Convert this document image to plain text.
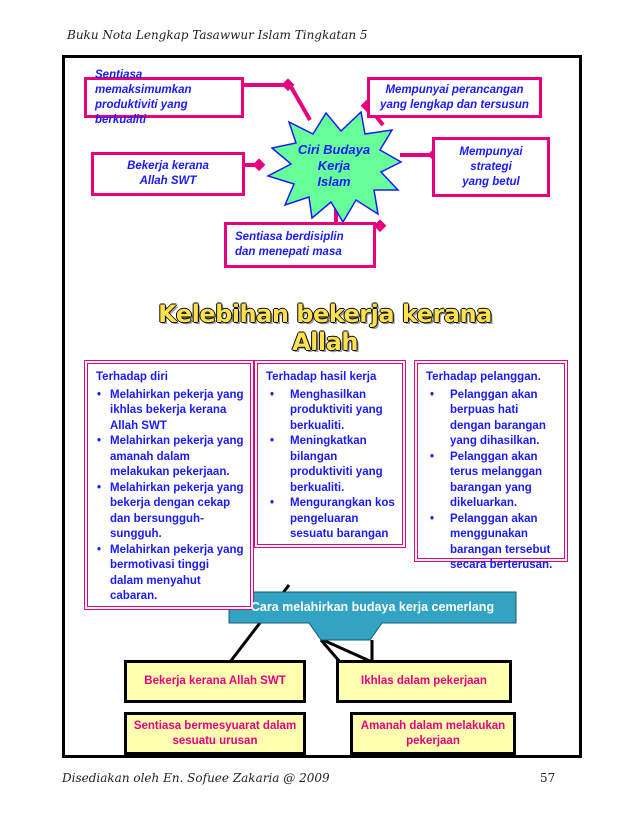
Buku Nota Lengkap Tasawwur Islam Tingkatan 5
Sentiasa memaksimumkan
produktiviti yang berkualiti
Mempunyai perancangan
yang lengkap dan tersusun
Bekerja kerana
Allah SWT
Mempunyai
strategi
yang betul
Sentiasa berdisiplin
dan menepati masa
Ciri Budaya
Kerja
Islam
Kelebihan bekerja kerana Allah
Terhadap diri
• Melahirkan pekerja yang ikhlas bekerja kerana Allah SWT
• Melahirkan pekerja yang amanah dalam melakukan pekerjaan.
• Melahirkan pekerja yang bekerja dengan cekap dan bersungguh-sungguh.
• Melahirkan pekerja yang bermotivasi tinggi dalam menyahut cabaran.
Terhadap hasil kerja
• Menghasilkan produktiviti yang berkualiti.
• Meningkatkan bilangan produktiviti yang berkualiti.
• Mengurangkan kos pengeluaran sesuatu barangan
Terhadap pelanggan.
• Pelanggan akan berpuas hati dengan barangan yang dihasilkan.
• Pelanggan akan terus melanggan barangan yang dikeluarkan.
• Pelanggan akan menggunakan barangan tersebut secara berterusan.
Cara melahirkan budaya kerja cemerlang
Bekerja kerana Allah SWT	Ikhlas dalam pekerjaan
Sentiasa bermesyuarat dalam
sesuatu urusan
Amanah dalam melakukan
pekerjaan
Disediakan oleh En. Sofuee Zakaria @ 2009	57
